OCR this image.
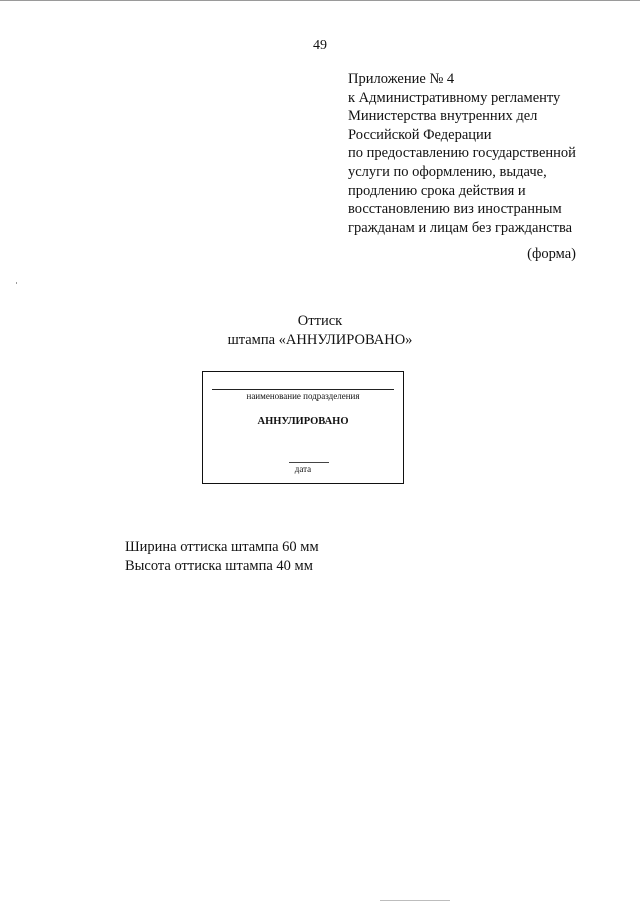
49
Приложение № 4
к Административному регламенту
Министерства внутренних дел
Российской Федерации
по предоставлению государственной
услуги по оформлению, выдаче,
продлению срока действия и
восстановлению виз иностранным
гражданам и лицам без гражданства
(форма)
Оттиск
штампа «АННУЛИРОВАНО»
наименование подразделения
АННУЛИРОВАНО
дата
Ширина оттиска штампа 60 мм
Высота оттиска штампа 40 мм
